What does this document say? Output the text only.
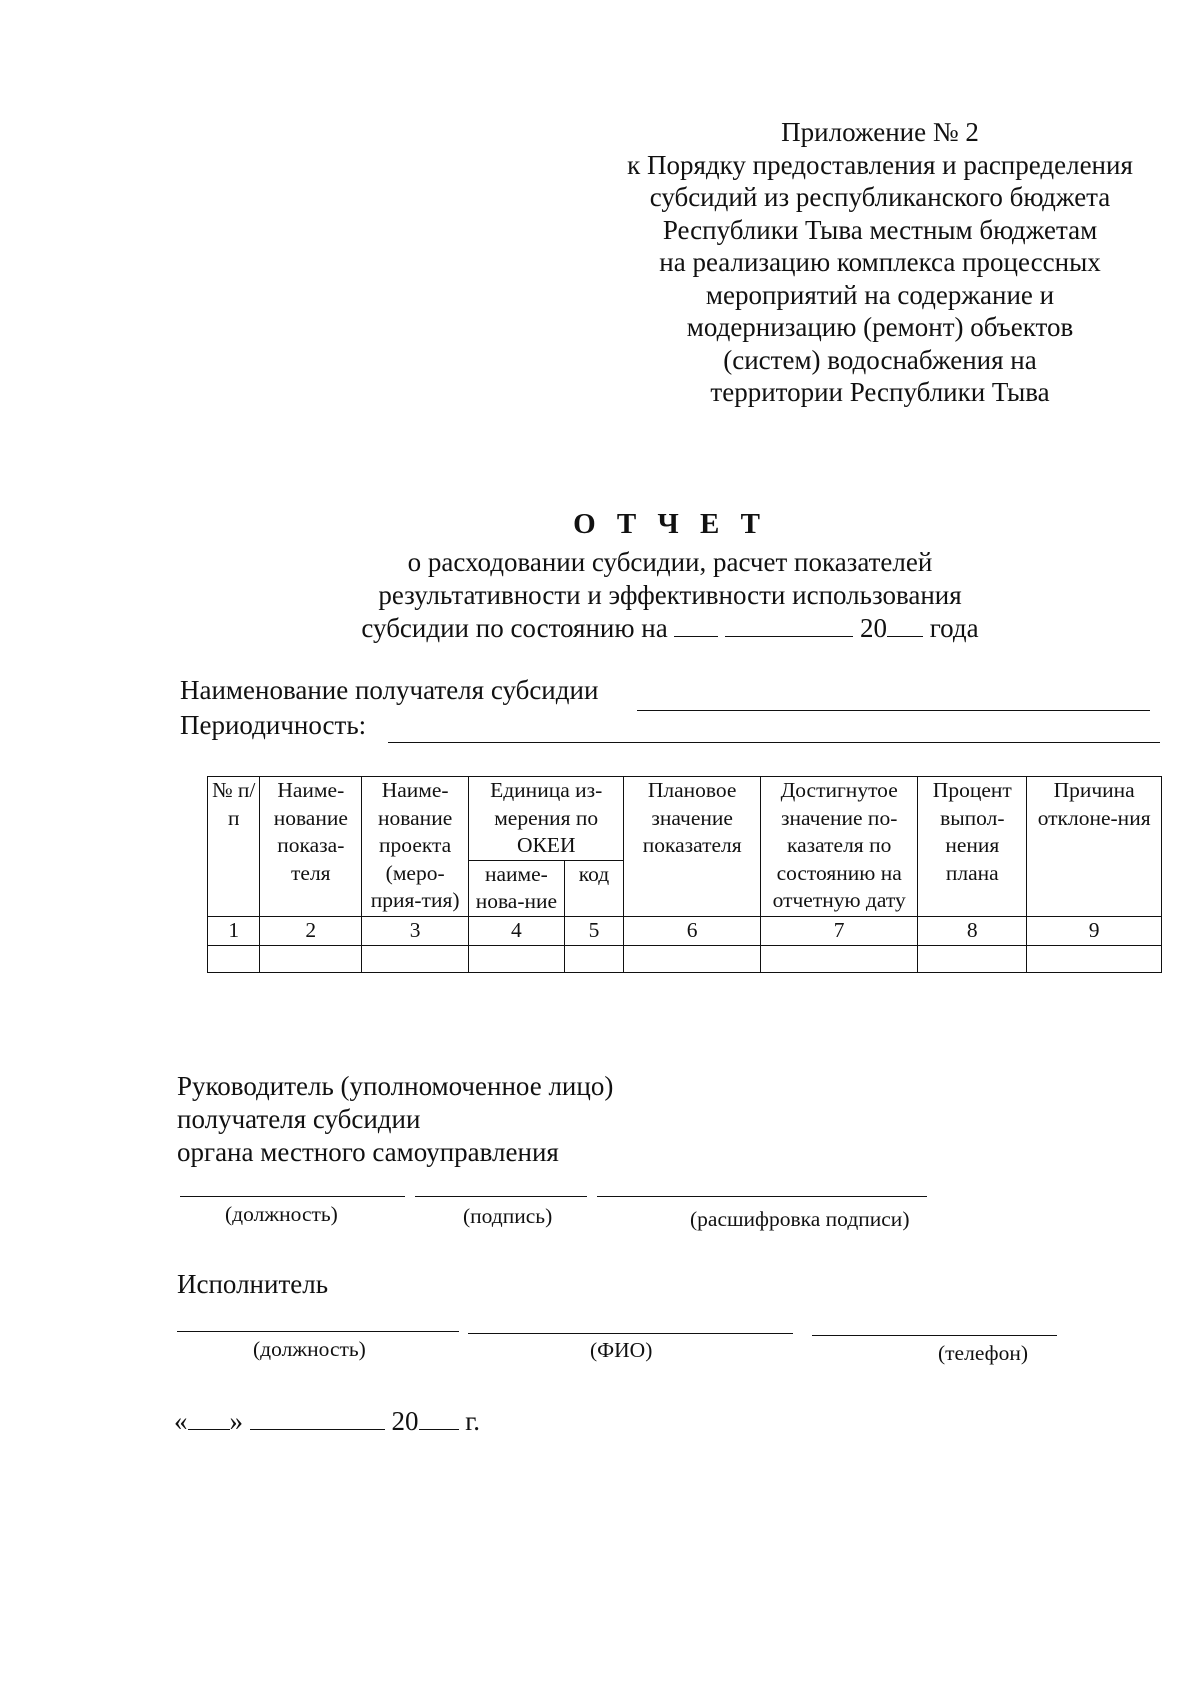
Приложение № 2
к Порядку предоставления и распределения
субсидий из республиканского бюджета
Республики Тыва местным бюджетам
на реализацию комплекса процессных
мероприятий на содержание и
модернизацию (ремонт) объектов
(систем) водоснабжения на
территории Республики Тыва
О Т Ч Е Т
о расходовании субсидии, расчет показателей
результативности и эффективности использования
субсидии по состоянию на	20 года
Наименование получателя субсидии
Периодичность:
№ п/п	Наиме-нование показа-теля	Наиме-нование проекта (меро-прия-тия)	Единица из-мерения по ОКЕИ		Плановое значение показателя	Достигнутое значение по-казателя по состоянию на отчетную дату	Процент выпол-нения плана	Причина отклоне-ния
			наиме-нова-ние	код				
1	2	3	4	5	6	7	8	9

Руководитель (уполномоченное лицо)
получателя субсидии
органа местного самоуправления
(должность)	(подпись)	(расшифровка подписи)
Исполнитель
(должность)	(ФИО)	(телефон)
« »	20 г.
